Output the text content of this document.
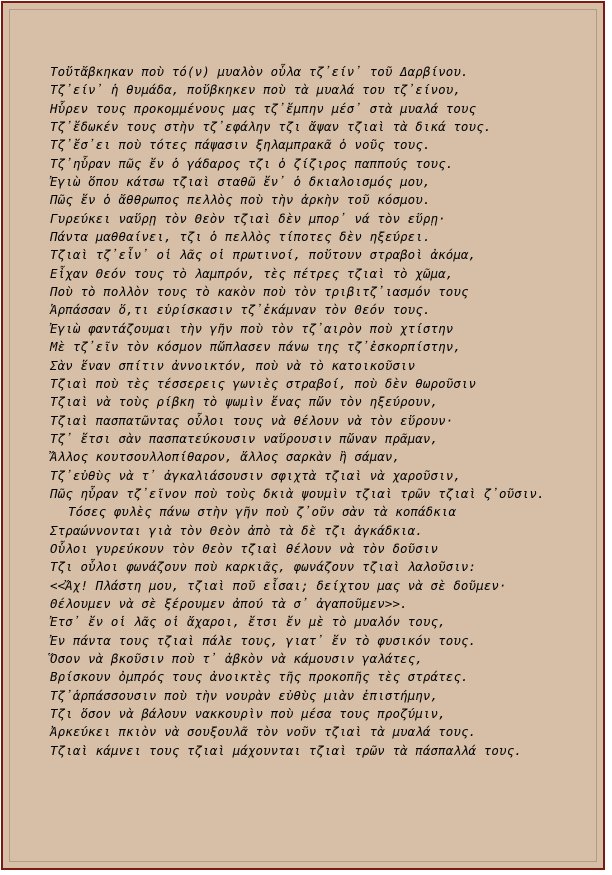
Τοὔτἄβκηκαν ποὺ τό(ν) μυαλὸν οὗλα τζ᾽είν᾽ τοῦ Δαρβίνου.
Τζ᾽είν᾽ ἡ θυμάδα, ποὔβκηκεν ποὺ τὰ μυαλά του τζ᾽είνου,
Ηὗρεν τους προκομμένους μας τζ᾽ἔμπην μέσ᾽ στὰ μυαλά τους
Τζ᾽ἔδωκέν τους στὴν τζ᾽εφάλην τζι ἄψαν τζιαὶ τὰ δικά τους.
Τζ᾽ἔσ᾽ει ποὺ τότες πάψασιν ξηλαμπρακᾶ ὁ νοῦς τους.
Τζ᾽ηὗραν πῶς ἔν ὁ γάδαρος τζι ὁ ζίζιρος παππούς τους.
Ἐγιὼ ὅπου κάτσω τζιαὶ σταθῶ ἔν᾽ ὁ δκιαλοισμός μου,
Πῶς ἔν ὁ ἄθθρωπος πελλὸς ποὺ τὴν ἀρκὴν τοῦ κόσμου.
Γυρεύκει ναὕρῃ τὸν Θεὸν τζιαὶ δὲν μπορ᾽ νά τὸν εὕρῃ·
Πάντα μαθθαίνει, τζι ὁ πελλὸς τίποτες δὲν ηξεύρει.
Τζιαὶ τζ᾽εἶν᾽ οἱ λᾶς οἱ πρωτινοί, ποὔτουν στραβοὶ ἀκόμα,
Εἶχαν Θεόν τους τὸ λαμπρόν, τὲς πέτρες τζιαὶ τὸ χῶμα,
Ποὺ τὸ πολλὸν τους τὸ κακὸν ποὺ τὸν τριβιτζ᾽ιασμόν τους
Ἁρπάσσαν ὅ,τι εὑρίσκασιν τζ᾽ἐκάμναν τὸν Θεόν τους.
Ἐγιὼ φαντάζουμαι τὴν γῆν ποὺ τὸν τζ᾽αιρὸν ποὺ χτίστην
Μὲ τζ᾽εῖν τὸν κόσμον πὤπλασεν πάνω της τζ᾽ἐσκορπίστην,
Σὰν ἕναν σπίτιν ἀννοικτόν, ποὺ νὰ τὸ κατοικοῦσιν
Τζιαὶ ποὺ τὲς τέσσερεις γωνιὲς στραβοί, ποὺ δὲν θωροῦσιν
Τζιαὶ νὰ τοὺς ρίβκη τὸ ψωμὶν ἕνας πὤν τὸν ηξεύρουν,
Τζιαὶ πασπατῶντας οὗλοι τους νὰ θέλουν νὰ τὸν εὕρουν·
Τζ᾽ ἔτσι σὰν πασπατεύκουσιν ναὕρουσιν πὤναν πρᾶμαν,
Ἄλλος κουτσουλλοπίθαρον, ἄλλος σαρκὰν ἢ σάμαν,
Τζ᾽εὐθὺς νὰ τ᾽ ἀγκαλιάσουσιν σφιχτὰ τζιαὶ νὰ χαροῦσιν,
Πῶς ηὗραν τζ᾽εῖνον ποὺ τοὺς δκιὰ ψουμὶν τζιαὶ τρῶν τζιαὶ ζ᾽οῦσιν.
Τόσες φυλὲς πάνω στὴν γῆν ποὺ ζ᾽οῦν σὰν τὰ κοπάδκια
Στραώννονται γιὰ τὸν Θεὸν ἀπὸ τὰ δὲ τζι ἀγκάδκια.
Οὗλοι γυρεύκουν τὸν Θεὸν τζιαὶ θέλουν νὰ τὸν δοῦσιν
Τζι οὗλοι φωνάζουν ποὺ καρκιᾶς, φωνάζουν τζιαὶ λαλοῦσιν:
<<Ἄχ! Πλάστη μου, τζιαὶ ποῦ εἶσαι; δείχτου μας νὰ σὲ δοῦμεν·
Θέλουμεν νὰ σὲ ξέρουμεν ἀπού τὰ σ᾽ ἀγαποῦμεν>>.
Ἐτσ᾽ ἔν οἱ λᾶς οἱ ἄχαροι, ἔτσι ἔν μὲ τὸ μυαλόν τους,
Ἐν πάντα τους τζιαὶ πάλε τους, γιατ᾽ ἔν τὸ φυσικόν τους.
Ὅσον νὰ βκοῦσιν ποὺ τ᾽ ἀβκὸν νὰ κάμουσιν γαλάτες,
Βρίσκουν ὀμπρός τους ἀνοικτὲς τῆς προκοπῆς τὲς στράτες.
Τζ᾽ἁρπάσσουσιν ποὺ τὴν νουρὰν εὐθὺς μιὰν ἐπιστήμην,
Τζι ὅσον νὰ βάλουν νακκουρὶν ποὺ μέσα τους προζύμιν,
Ἀρκεύκει πκιὸν νὰ σουξουλᾶ τὸν νοῦν τζιαὶ τὰ μυαλά τους.
Τζιαὶ κάμνει τους τζιαὶ μάχουνται τζιαὶ τρῶν τὰ πάσπαλλά τους.
